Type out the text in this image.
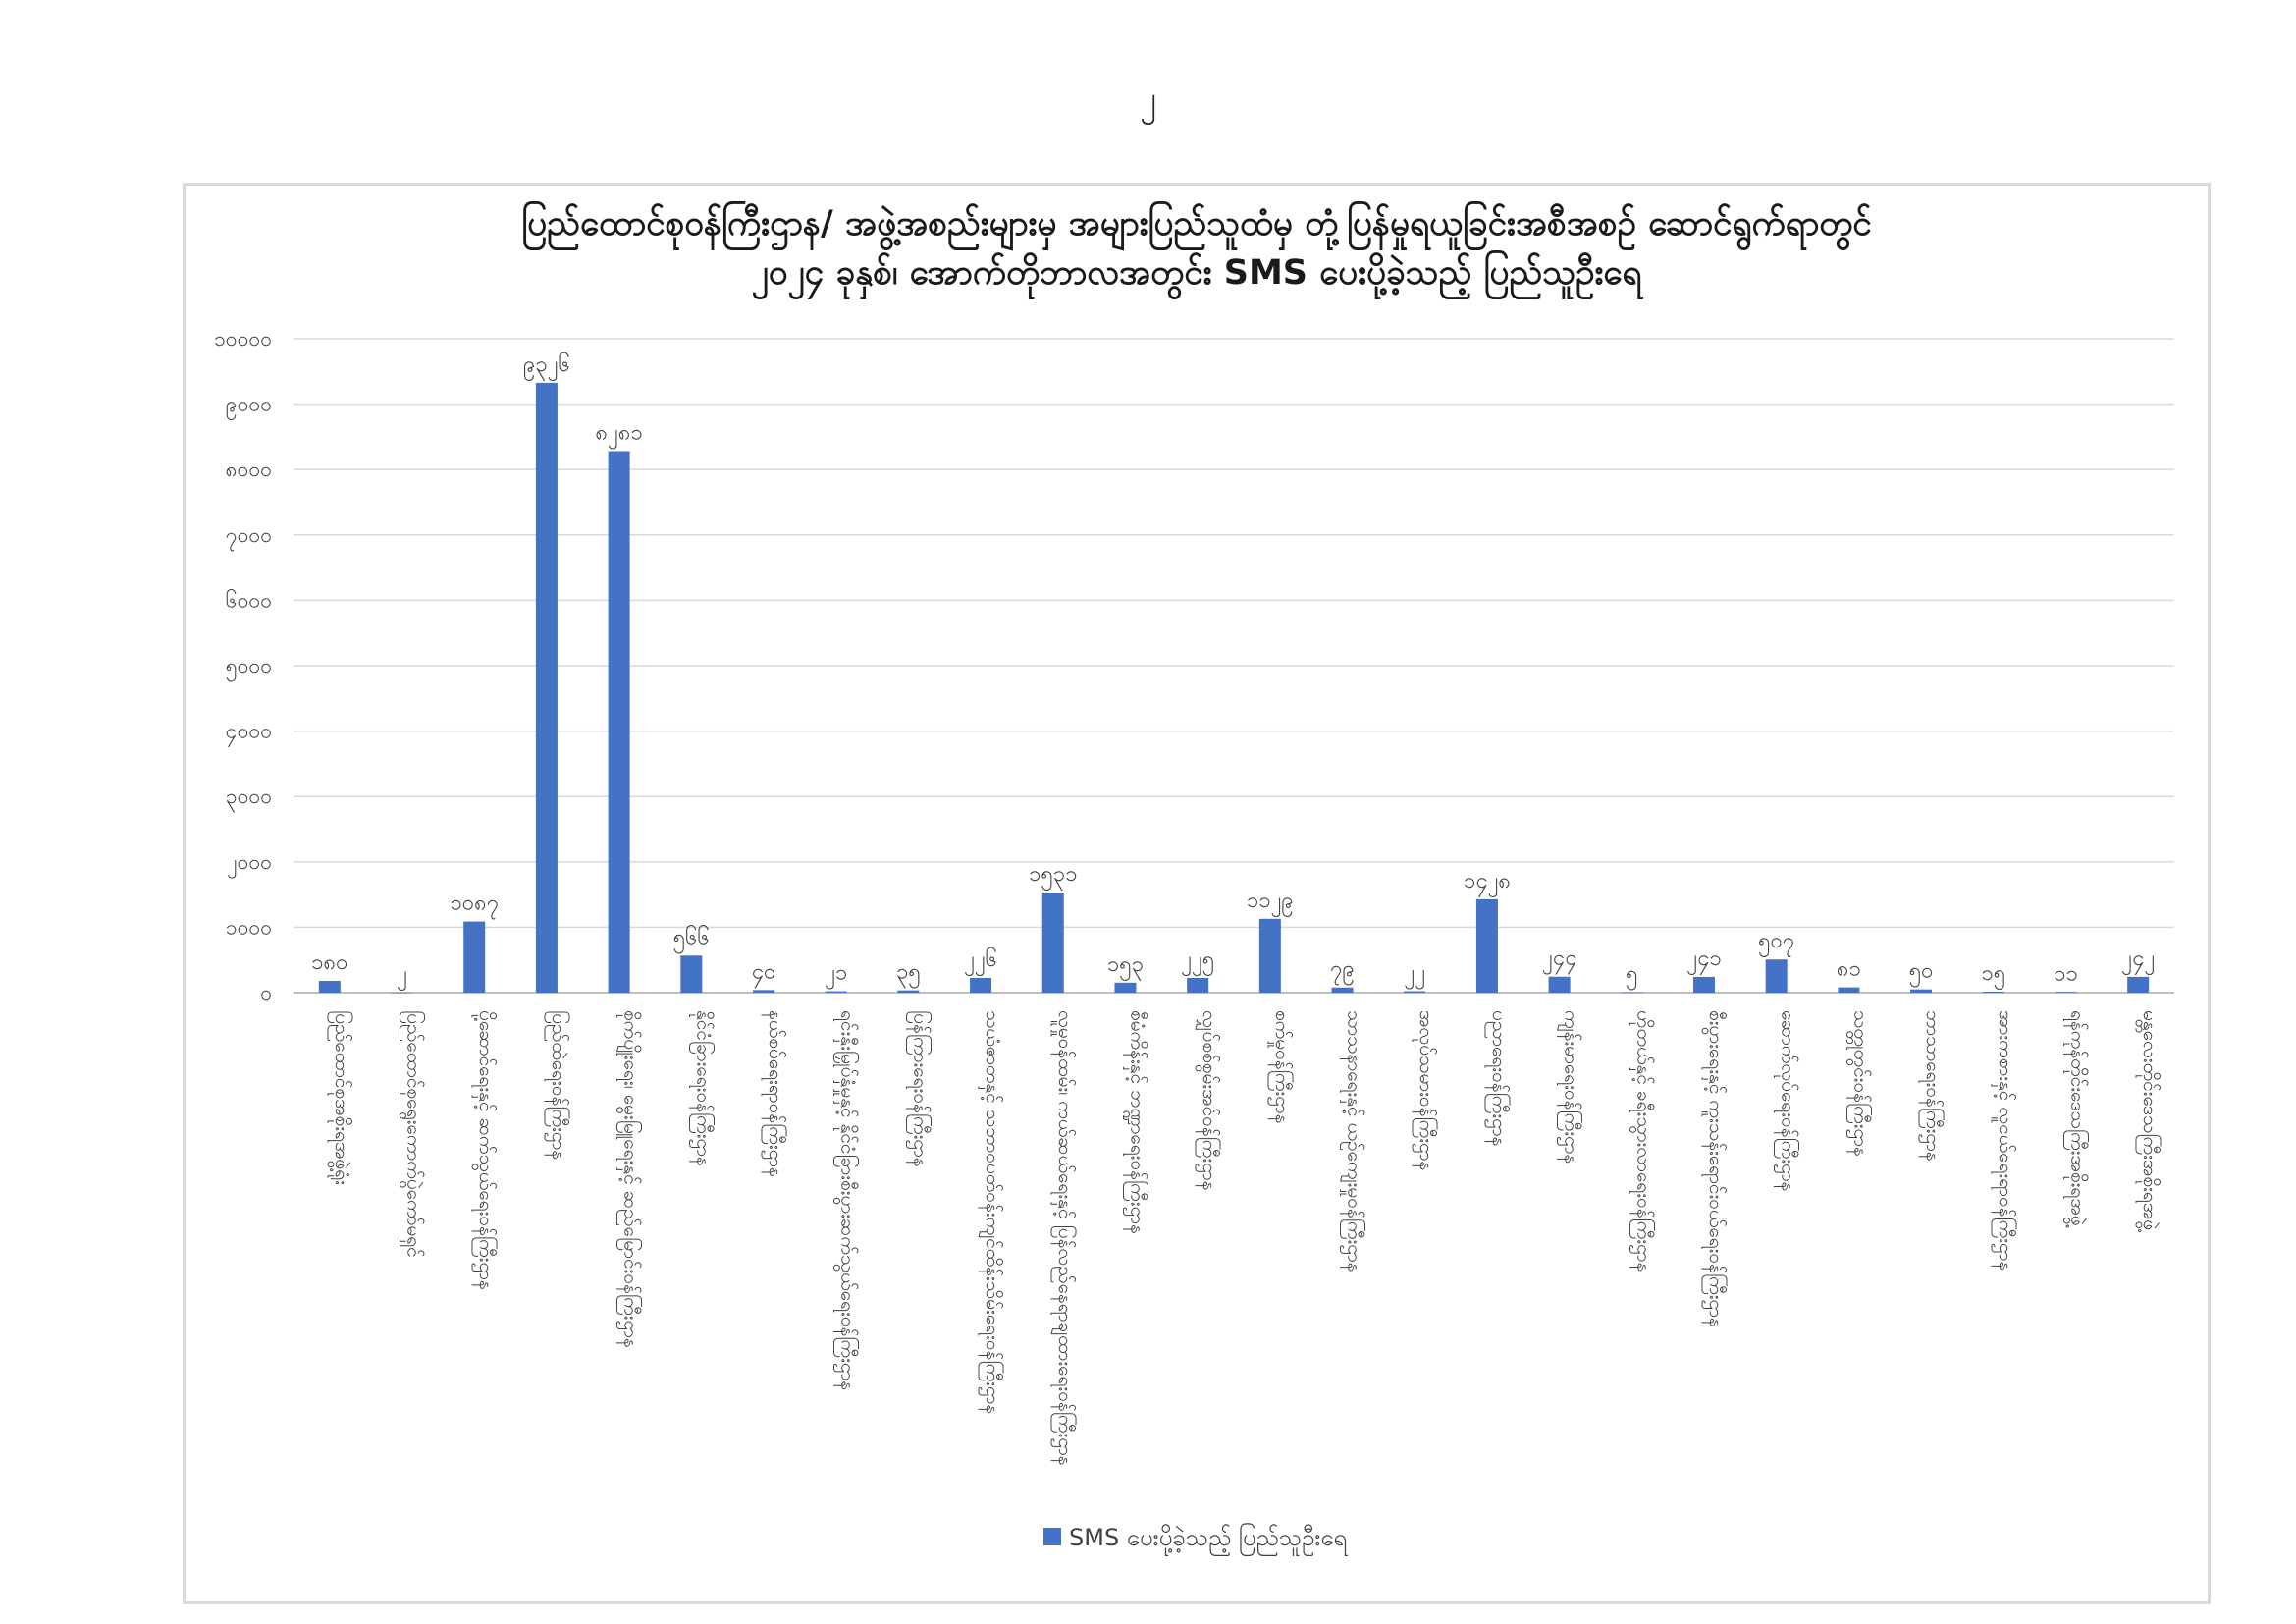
၂
ပြည်ထောင်စုဝန်ကြီးဌာန/ အဖွဲ့အစည်းများမှ အများပြည်သူထံမှ တုံ့ပြန်မှုရယူခြင်းအစီအစဉ် ဆောင်ရွက်ရာတွင်
၂၀၂၄ ခုနှစ်၊ အောက်တိုဘာလအတွင်း SMS ပေးပို့ခဲ့သည့် ပြည်သူဦးရေ
၀
၁၀၀၀
၂၀၀၀
၃၀၀၀
၄၀၀၀
၅၀၀၀
၆၀၀၀
၇၀၀၀
၈၀၀၀
၉၀၀၀
၁၀၀၀၀
၁၈၀ ၂
၁၀၈၇
၉၃၂၆
၈၂၈၁
၅၆၆
၄၀ ၂၁ ၃၅
၂၂၆
၁၅၃၁
၁၅၃ ၂၂၅
၁၁၂၉
၇၉ ၂၂
၁၄၂၈
၂၄၄
၅
၂၄၁
၅၀၇
၈၁ ၅၀ ၁၅ ၁၁
၂၄၂
ပြည်ထောင်စုအစိုးရအဖွဲ့ရုံး	ပြည်ထောင်စုရွေးကောက်ပွဲကော်မရှင်	ပို့ဆောင်ရေးနှင့် ဆက်သွယ်ရေးဝန်ကြီးဌာန	ပြည်ထဲရေးဝန်ကြီးဌာန	စိုက်ပျိုးရေး၊ မွေးမြူရေးနှင့် ဆည်မြောင်းဝန်ကြီးဌာန	နိုင်ငံခြားရေးဝန်ကြီးဌာန	နယ်စပ်ရေးရာဝန်ကြီးဌာန	ရင်းနှီးမြှုပ်နှံမှုနှင့် နိုင်ငံခြားစီးပွားဆက်သွယ်ရေးဝန်ကြီးဌာန	ပြန်ကြားရေးဝန်ကြီးဌာန	သယံဇာတနှင့် သဘာဝပတ်ဝန်းကျင်ထိန်းသိမ်းရေးဝန်ကြီးဌာန	လူမှုဝန်ထမ်း၊ ကယ်ဆယ်ရေးနှင့် ပြန်လည်နေရာချထားရေးဝန်ကြီးဌာန	စီမံကိန်းနှင့် ဘဏ္ဍာရေးဝန်ကြီးဌာန	လျှပ်စစ်စွမ်းအင်ဝန်ကြီးဌာန	စက်မှုဝန်ကြီးဌာန	သာသနာရေးနှင့် ယဉ်ကျေးမှုဝန်ကြီးဌာန	အလုပ်သမားဝန်ကြီးဌာန	ပညာရေးဝန်ကြီးဌာန	ကျန်းမာရေးဝန်ကြီးဌာန	ဟိုတယ်နှင့် ခရီးသွားလာရေးဝန်ကြီးဌာန	စီးပွားရေးနှင့် ကူးသန်းရောင်းဝယ်ရေးဝန်ကြီးဌာန	ဆောက်လုပ်ရေးဝန်ကြီးဌာန	သတ္တုတွင်းဝန်ကြီးဌာန	ဘာသာရေးဝန်ကြီးဌာန	အားကစားနှင့် လူငယ်ရေးရာဝန်ကြီးဌာန	ရန်ကုန်တိုင်းဒေသကြီးအစိုးရအဖွဲ့	မန္တလေးတိုင်းဒေသကြီးအစိုးရအဖွဲ့
SMS ပေးပို့ခဲ့သည့် ပြည်သူဦးရေ
